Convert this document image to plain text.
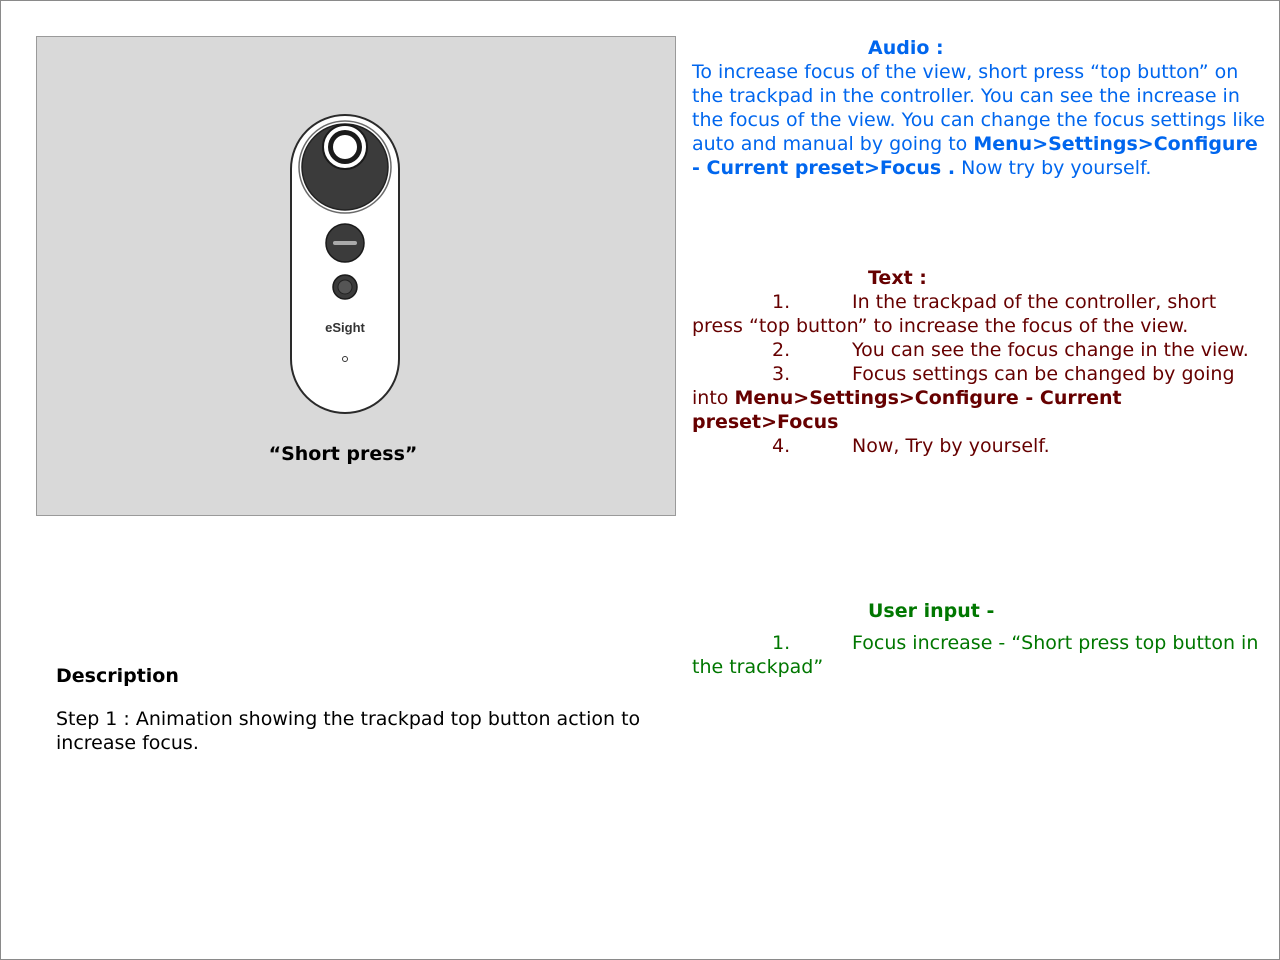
eSight
“Short press”
Description

Step 1 : Animation showing the trackpad top button action to increase focus.

Audio :

To increase focus of the view, short press “top button” on the trackpad in the controller. You can see the increase in the focus of the view. You can change the focus settings like auto and manual by going to Menu>Settings>Configure - Current preset>Focus . Now try by yourself.

Text :

1.	In the trackpad of the controller, short press “top button” to increase the focus of the view.

2.	You can see the focus change in the view.

3.	Focus settings can be changed by going into Menu>Settings>Configure - Current preset>Focus

4.	Now, Try by yourself.

User input -

1.	Focus increase - “Short press top button in the trackpad”
